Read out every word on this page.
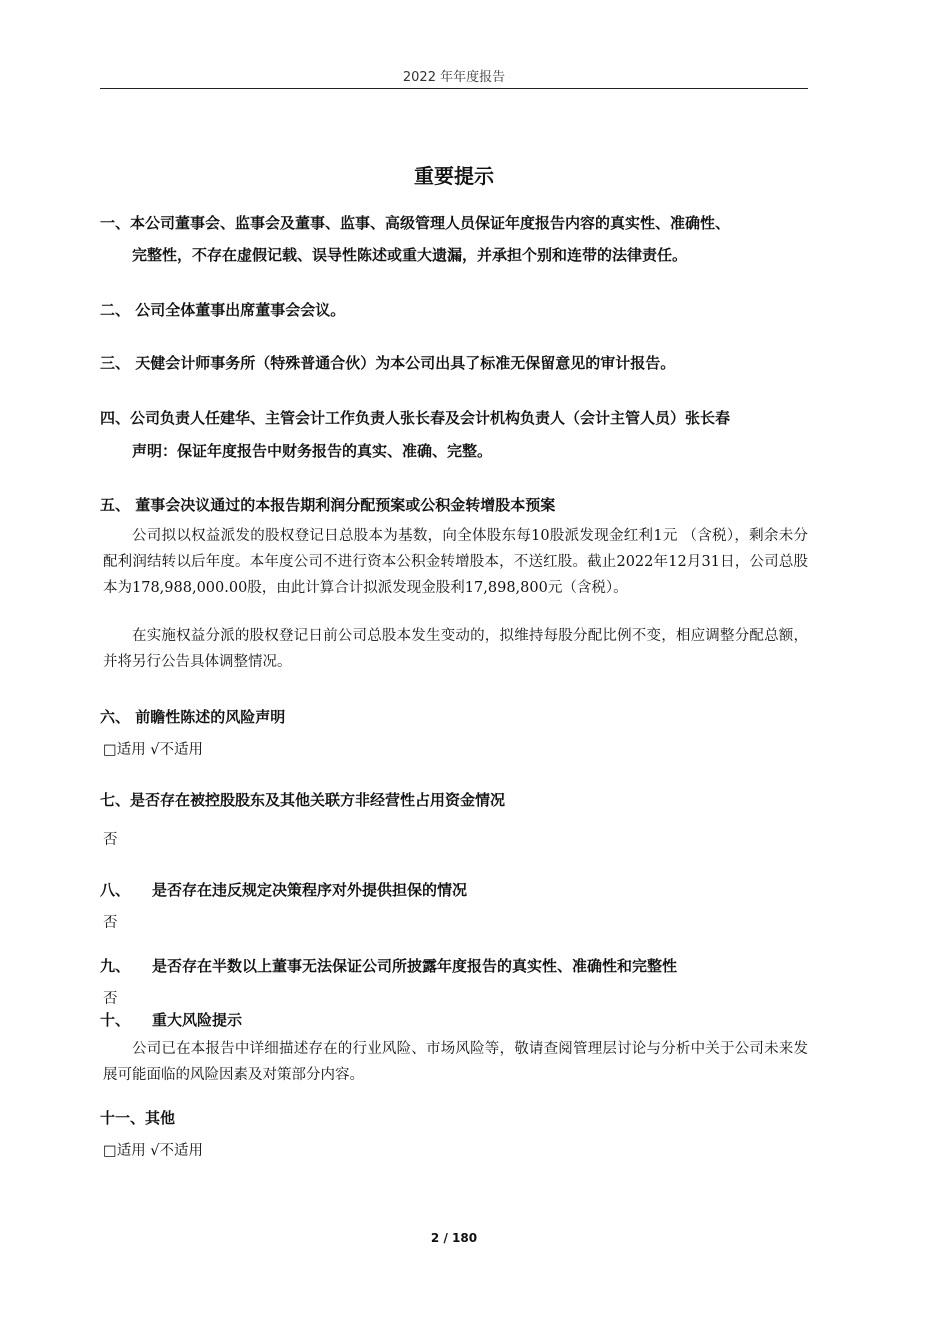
2022 年年度报告
重要提示
一、本公司董事会、监事会及董事、监事、高级管理人员保证年度报告内容的真实性、准确性、
完整性，不存在虚假记载、误导性陈述或重大遗漏，并承担个别和连带的法律责任。
二、 公司全体董事出席董事会会议。
三、 天健会计师事务所（特殊普通合伙）为本公司出具了标准无保留意见的审计报告。
四、公司负责人任建华、主管会计工作负责人张长春及会计机构负责人（会计主管人员）张长春
声明：保证年度报告中财务报告的真实、准确、完整。
五、 董事会决议通过的本报告期利润分配预案或公积金转增股本预案
公司拟以权益派发的股权登记日总股本为基数，向全体股东每10股派发现金红利1元 （含税），剩余未分配利润结转以后年度。本年度公司不进行资本公积金转增股本，不送红股。截止2022年12月31日，公司总股本为178,988,000.00股，由此计算合计拟派发现金股利17,898,800元（含税）。
在实施权益分派的股权登记日前公司总股本发生变动的，拟维持每股分配比例不变，相应调整分配总额，并将另行公告具体调整情况。
六、 前瞻性陈述的风险声明
□适用 √不适用
七、是否存在被控股股东及其他关联方非经营性占用资金情况
否
八、 是否存在违反规定决策程序对外提供担保的情况
否
九、 是否存在半数以上董事无法保证公司所披露年度报告的真实性、准确性和完整性
否
十、 重大风险提示
公司已在本报告中详细描述存在的行业风险、市场风险等，敬请查阅管理层讨论与分析中关于公司未来发展可能面临的风险因素及对策部分内容。
十一、其他
□适用 √不适用
2 / 180
